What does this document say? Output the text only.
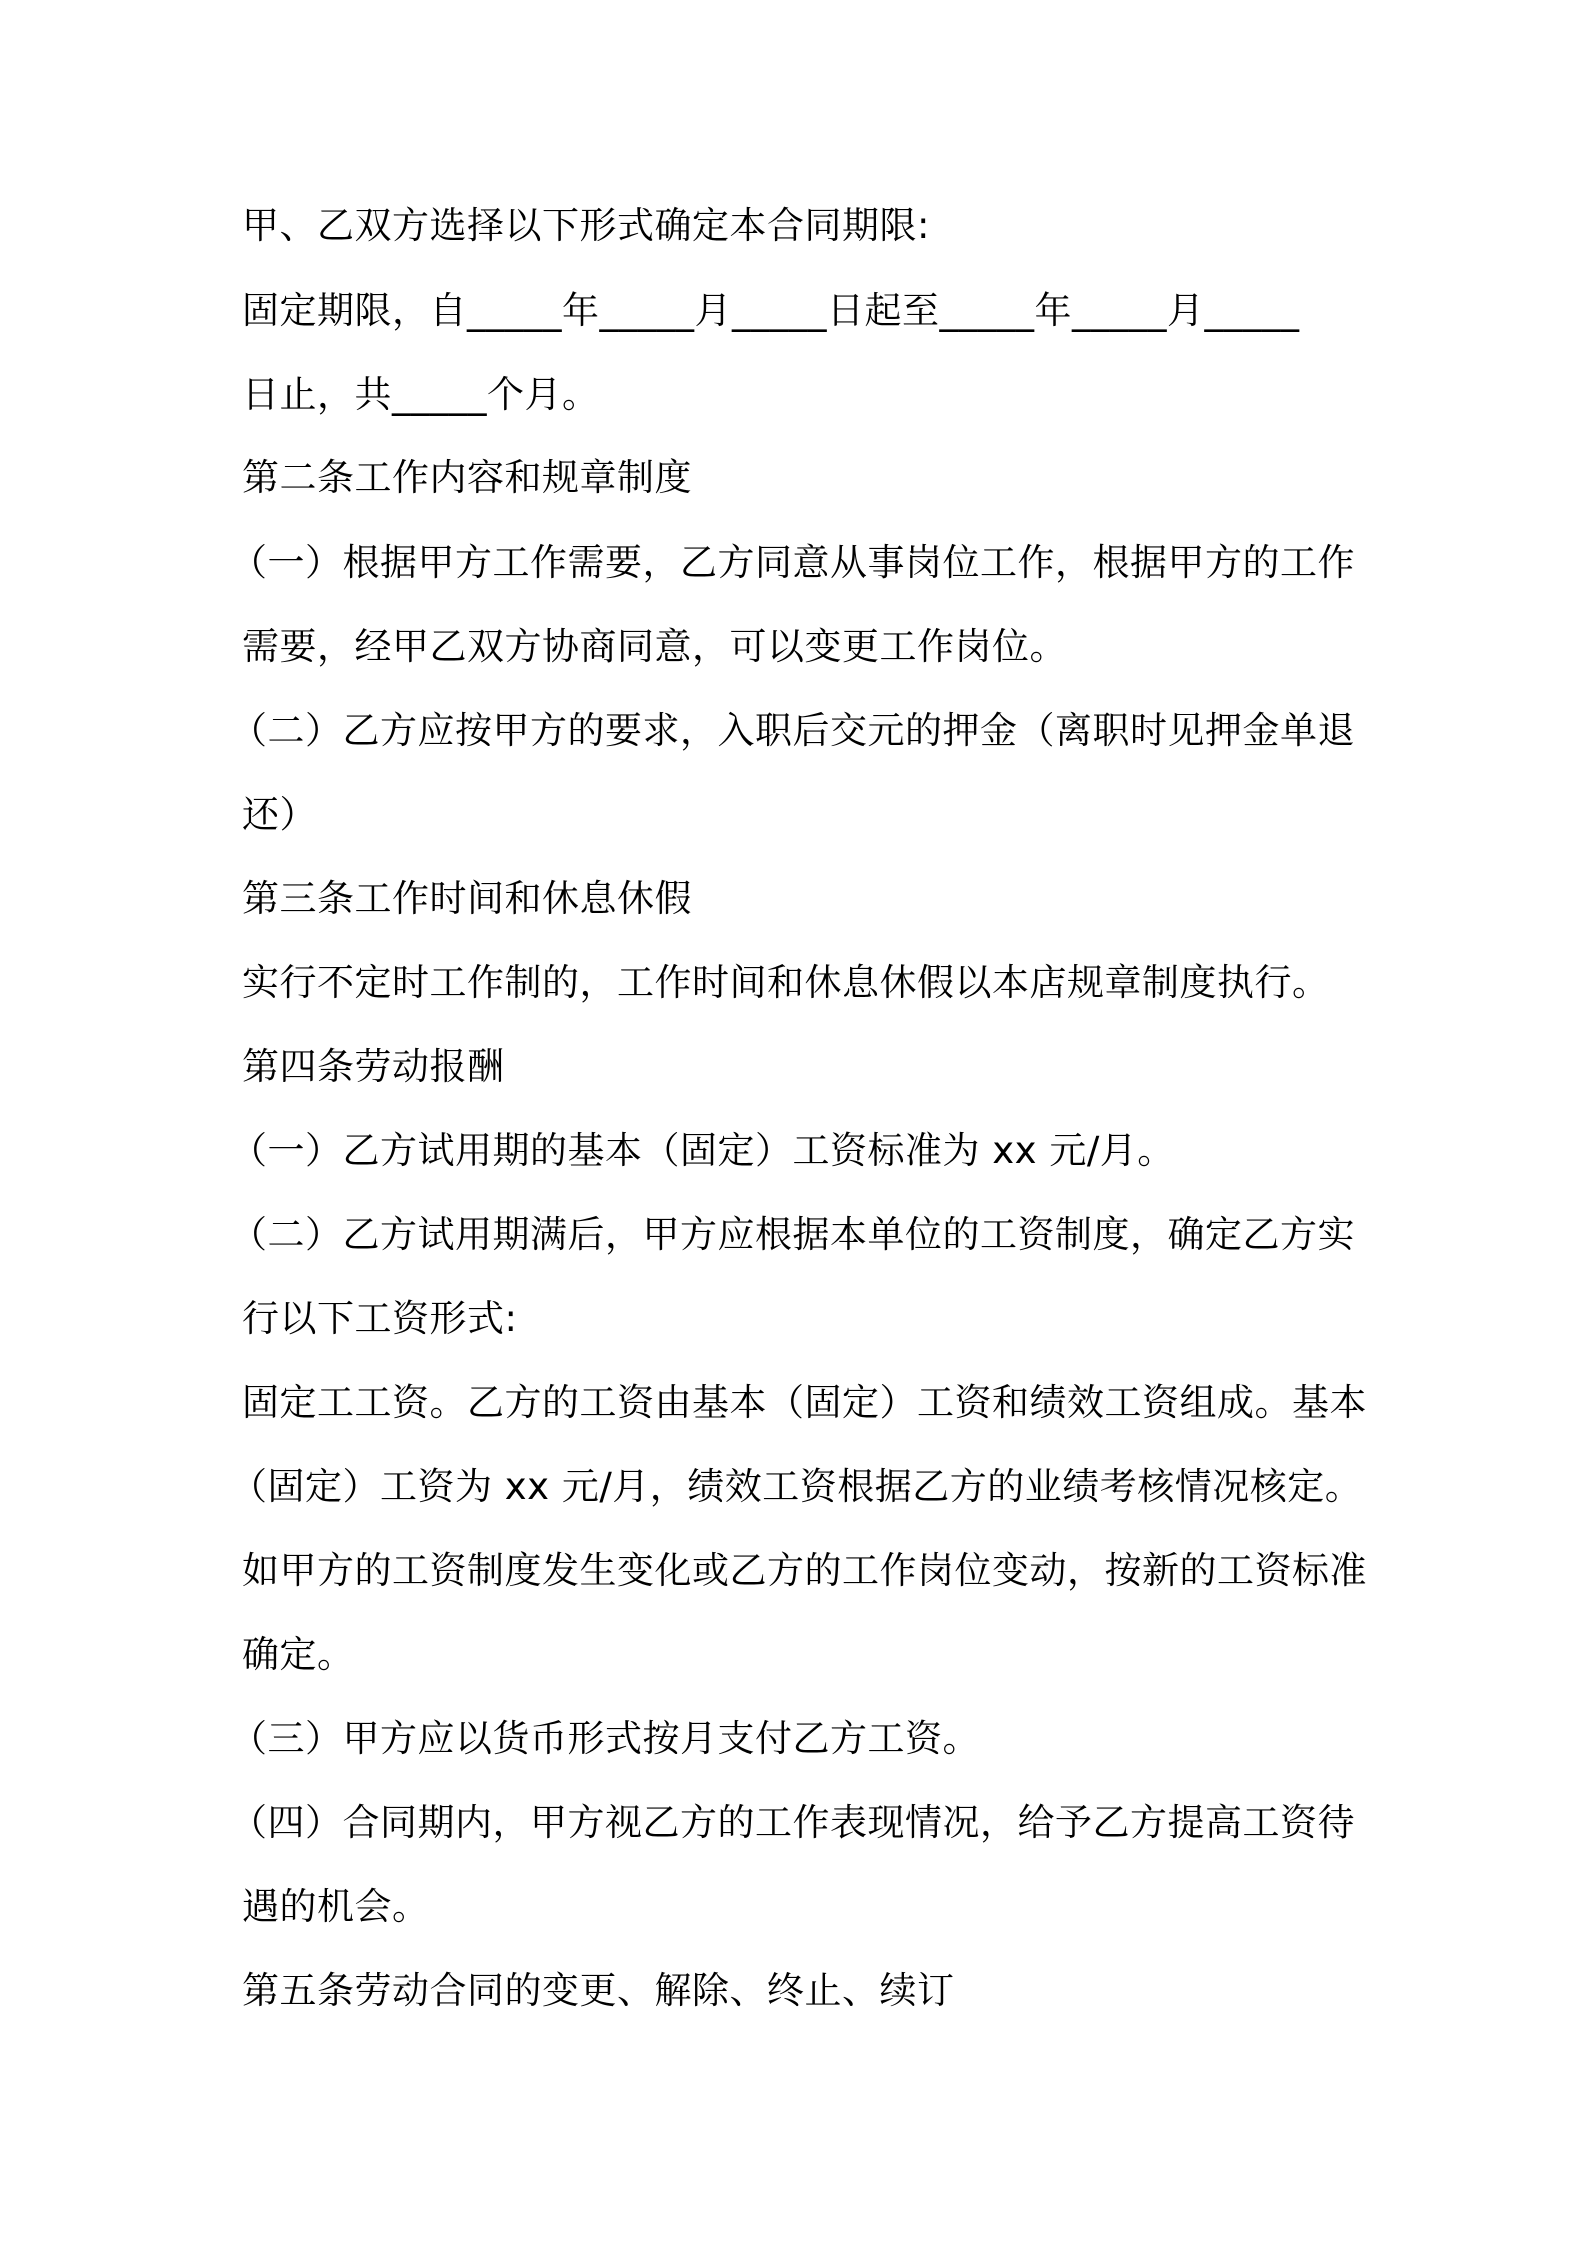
甲、乙双方选择以下形式确定本合同期限:
固定期限，自_____年_____月_____日起至_____年_____月_____
日止，共_____个月。
第二条工作内容和规章制度
（一）根据甲方工作需要，乙方同意从事岗位工作，根据甲方的工作
需要，经甲乙双方协商同意，可以变更工作岗位。
（二）乙方应按甲方的要求，入职后交元的押金（离职时见押金单退
还）
第三条工作时间和休息休假
实行不定时工作制的，工作时间和休息休假以本店规章制度执行。
第四条劳动报酬
（一）乙方试用期的基本（固定）工资标准为 xx 元/月。
（二）乙方试用期满后，甲方应根据本单位的工资制度，确定乙方实
行以下工资形式:
固定工工资。乙方的工资由基本（固定）工资和绩效工资组成。基本
（固定）工资为 xx 元/月，绩效工资根据乙方的业绩考核情况核定。
如甲方的工资制度发生变化或乙方的工作岗位变动，按新的工资标准
确定。
（三）甲方应以货币形式按月支付乙方工资。
（四）合同期内，甲方视乙方的工作表现情况，给予乙方提高工资待
遇的机会。
第五条劳动合同的变更、解除、终止、续订
